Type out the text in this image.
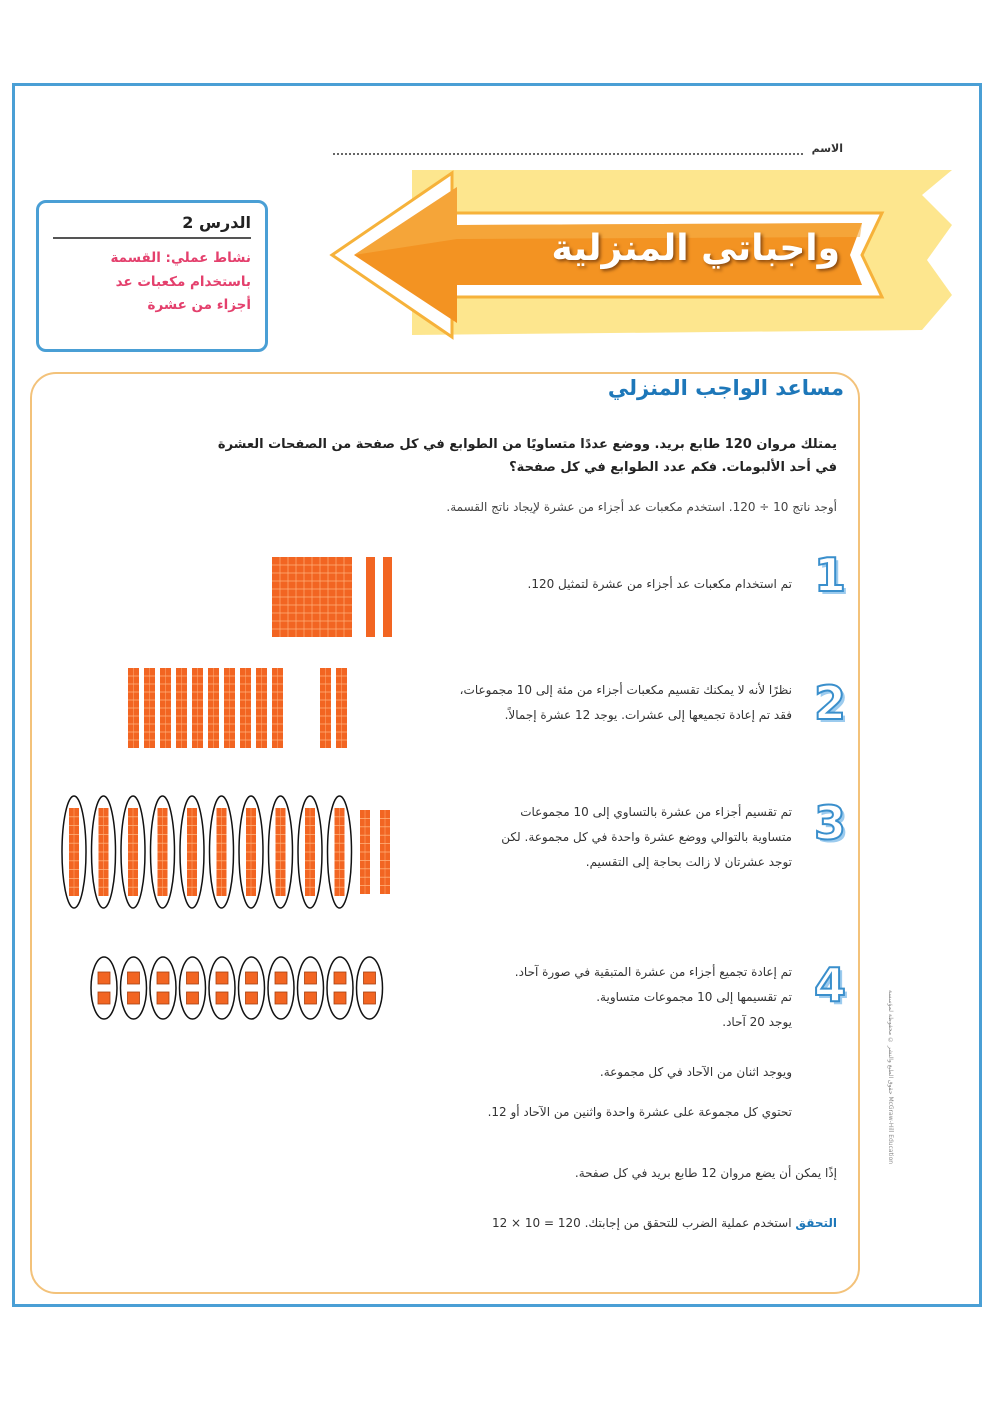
الاسم
واجباتي المنزلية
الدرس 2
نشاط عملي: القسمة
باستخدام مكعبات عد
أجزاء من عشرة
مساعد الواجب المنزلي
يمتلك مروان 120 طابع بريد. ووضع عددًا متساويًا من الطوابع في كل صفحة من الصفحات العشرة
في أحد الألبومات. فكم عدد الطوابع في كل صفحة؟
أوجد ناتج 10 ÷ 120. استخدم مكعبات عد أجزاء من عشرة لإيجاد ناتج القسمة.
1
تم استخدام مكعبات عد أجزاء من عشرة لتمثيل 120.
2
نظرًا لأنه لا يمكنك تقسيم مكعبات أجزاء من مئة إلى 10 مجموعات،
فقد تم إعادة تجميعها إلى عشرات. يوجد 12 عشرة إجمالاً.
3
تم تقسيم أجزاء من عشرة بالتساوي إلى 10 مجموعات
متساوية بالتوالي ووضع عشرة واحدة في كل مجموعة. لكن
توجد عشرتان لا زالت بحاجة إلى التقسيم.
4
تم إعادة تجميع أجزاء من عشرة المتبقية في صورة آحاد.
تم تقسيمها إلى 10 مجموعات متساوية.
يوجد 20 آحاد.
ويوجد اثنان من الآحاد في كل مجموعة.
تحتوي كل مجموعة على عشرة واحدة واثنين من الآحاد أو 12.
إذًا يمكن أن يضع مروان 12 طابع بريد في كل صفحة.
التحقق استخدم عملية الضرب للتحقق من إجابتك. 120 = 10 × 12
حقوق الطبع والنشر © محفوظة لمؤسسة McGraw-Hill Education
